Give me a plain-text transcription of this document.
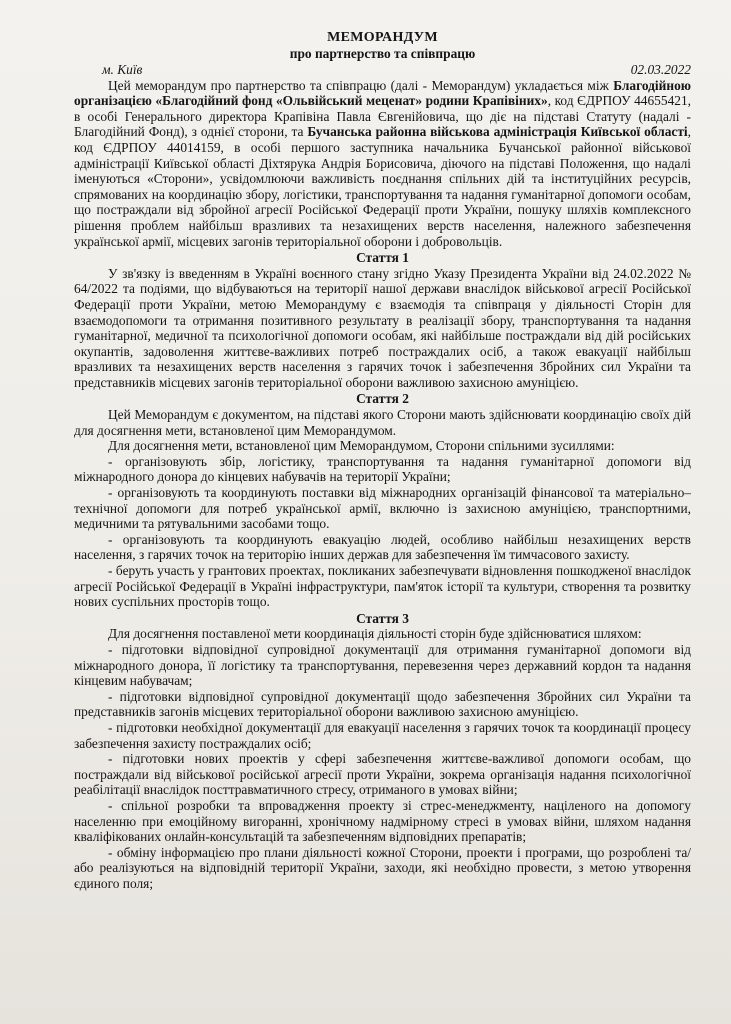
МЕМОРАНДУМ
про партнерство та співпрацю
м. Київ	02.03.2022

Цей меморандум про партнерство та співпрацю (далі - Меморандум) укладається між Благодійною організацією «Благодійний фонд «Ольвійський меценат» родини Крапівіних», код ЄДРПОУ 44655421, в особі Генерального директора Крапівіна Павла Євгенійовича, що діє на підставі Статуту (надалі - Благодійний Фонд), з однієї сторони, та Бучанська районна військова адміністрація Київської області, код ЄДРПОУ 44014159, в особі першого заступника начальника Бучанської районної військової адміністрації Київської області Діхтярука Андрія Борисовича, діючого на підставі Положення, що надалі іменуються «Сторони», усвідомлюючи важливість поєднання спільних дій та інституційних ресурсів, спрямованих на координацію збору, логістики, транспортування та надання гуманітарної допомоги особам, що постраждали від збройної агресії Російської Федерації проти України, пошуку шляхів комплексного рішення проблем найбільш вразливих та незахищених верств населення, належного забезпечення української армії, місцевих загонів територіальної оборони і добровольців.

Стаття 1

У зв'язку із введенням в Україні воєнного стану згідно Указу Президента України від 24.02.2022 № 64/2022 та подіями, що відбуваються на території нашої держави внаслідок військової агресії Російської Федерації проти України, метою Меморандуму є взаємодія та співпраця у діяльності Сторін для взаємодопомоги та отримання позитивного результату в реалізації збору, транспортування та надання гуманітарної, медичної та психологічної допомоги особам, які найбільше постраждали від дій російських окупантів, задоволення життєве-важливих потреб постраждалих осіб, а також евакуації найбільш вразливих та незахищених верств населення з гарячих точок і забезпечення Збройних сил України та представників місцевих загонів територіальної оборони важливою захисною амуніцією.

Стаття 2

Цей Меморандум є документом, на підставі якого Сторони мають здійснювати координацію своїх дій для досягнення мети, встановленої цим Меморандумом.

Для досягнення мети, встановленої цим Меморандумом, Сторони спільними зусиллями:

- організовують збір, логістику, транспортування та надання гуманітарної допомоги від міжнародного донора до кінцевих набувачів на території України;

- організовують та координують поставки від міжнародних організацій фінансової та матеріально–технічної допомоги для потреб української армії, включно із захисною амуніцією, транспортними, медичними та рятувальними засобами тощо.

- організовують та координують евакуацію людей, особливо найбільш незахищених верств населення, з гарячих точок на територію інших держав для забезпечення їм тимчасового захисту.

- беруть участь у грантових проектах, покликаних забезпечувати відновлення пошкодженої внаслідок агресії Російської Федерації в Україні інфраструктури, пам'яток історії та культури, створення та розвитку нових суспільних просторів тощо.

Стаття 3

Для досягнення поставленої мети координація діяльності сторін буде здійснюватися шляхом:

- підготовки відповідної супровідної документації для отримання гуманітарної допомоги від міжнародного донора, її логістику та транспортування, перевезення через державний кордон та надання кінцевим набувачам;

- підготовки відповідної супровідної документації щодо забезпечення Збройних сил України та представників загонів місцевих територіальної оборони важливою захисною амуніцією.

- підготовки необхідної документації для евакуації населення з гарячих точок та координації процесу забезпечення захисту постраждалих осіб;

- підготовки нових проектів у сфері забезпечення життєве-важливої допомоги особам, що постраждали від військової російської агресії проти України, зокрема організація надання психологічної реабілітації внаслідок посттравматичного стресу, отриманого в умовах війни;

- спільної розробки та впровадження проекту зі стрес-менеджменту, націленого на допомогу населенню при емоційному вигоранні, хронічному надмірному стресі в умовах війни, шляхом надання кваліфікованих онлайн-консультацій та забезпеченням відповідних препаратів;

- обміну інформацією про плани діяльності кожної Сторони, проекти і програми, що розроблені та/або реалізуються на відповідній території України, заходи, які необхідно провести, з метою утворення єдиного поля;
